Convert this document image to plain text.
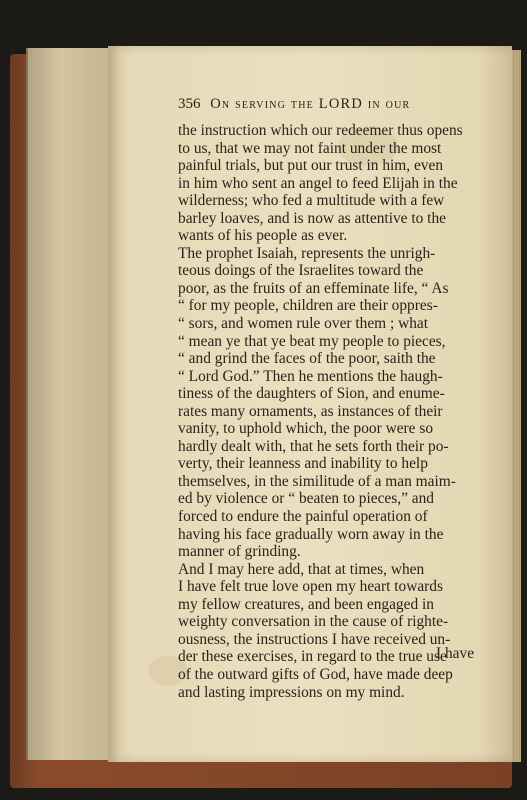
356 On serving the LORD in our
the instruction which our redeemer thus opens
to us, that we may not faint under the most
painful trials, but put our trust in him, even
in him who sent an angel to feed Elijah in the
wilderness; who fed a multitude with a few
barley loaves, and is now as attentive to the
wants of his people as ever.
The prophet Isaiah, represents the unrigh-
teous doings of the Israelites toward the
poor, as the fruits of an effeminate life, “ As
“ for my people, children are their oppres-
“ sors, and women rule over them ; what
“ mean ye that ye beat my people to pieces,
“ and grind the faces of the poor, saith the
“ Lord God.” Then he mentions the haugh-
tiness of the daughters of Sion, and enume-
rates many ornaments, as instances of their
vanity, to uphold which, the poor were so
hardly dealt with, that he sets forth their po-
verty, their leanness and inability to help
themselves, in the similitude of a man maim-
ed by violence or “ beaten to pieces,” and
forced to endure the painful operation of
having his face gradually worn away in the
manner of grinding.
And I may here add, that at times, when
I have felt true love open my heart towards
my fellow creatures, and been engaged in
weighty conversation in the cause of righte-
ousness, the instructions I have received un-
der these exercises, in regard to the true use
of the outward gifts of God, have made deep
and lasting impressions on my mind.
I have
